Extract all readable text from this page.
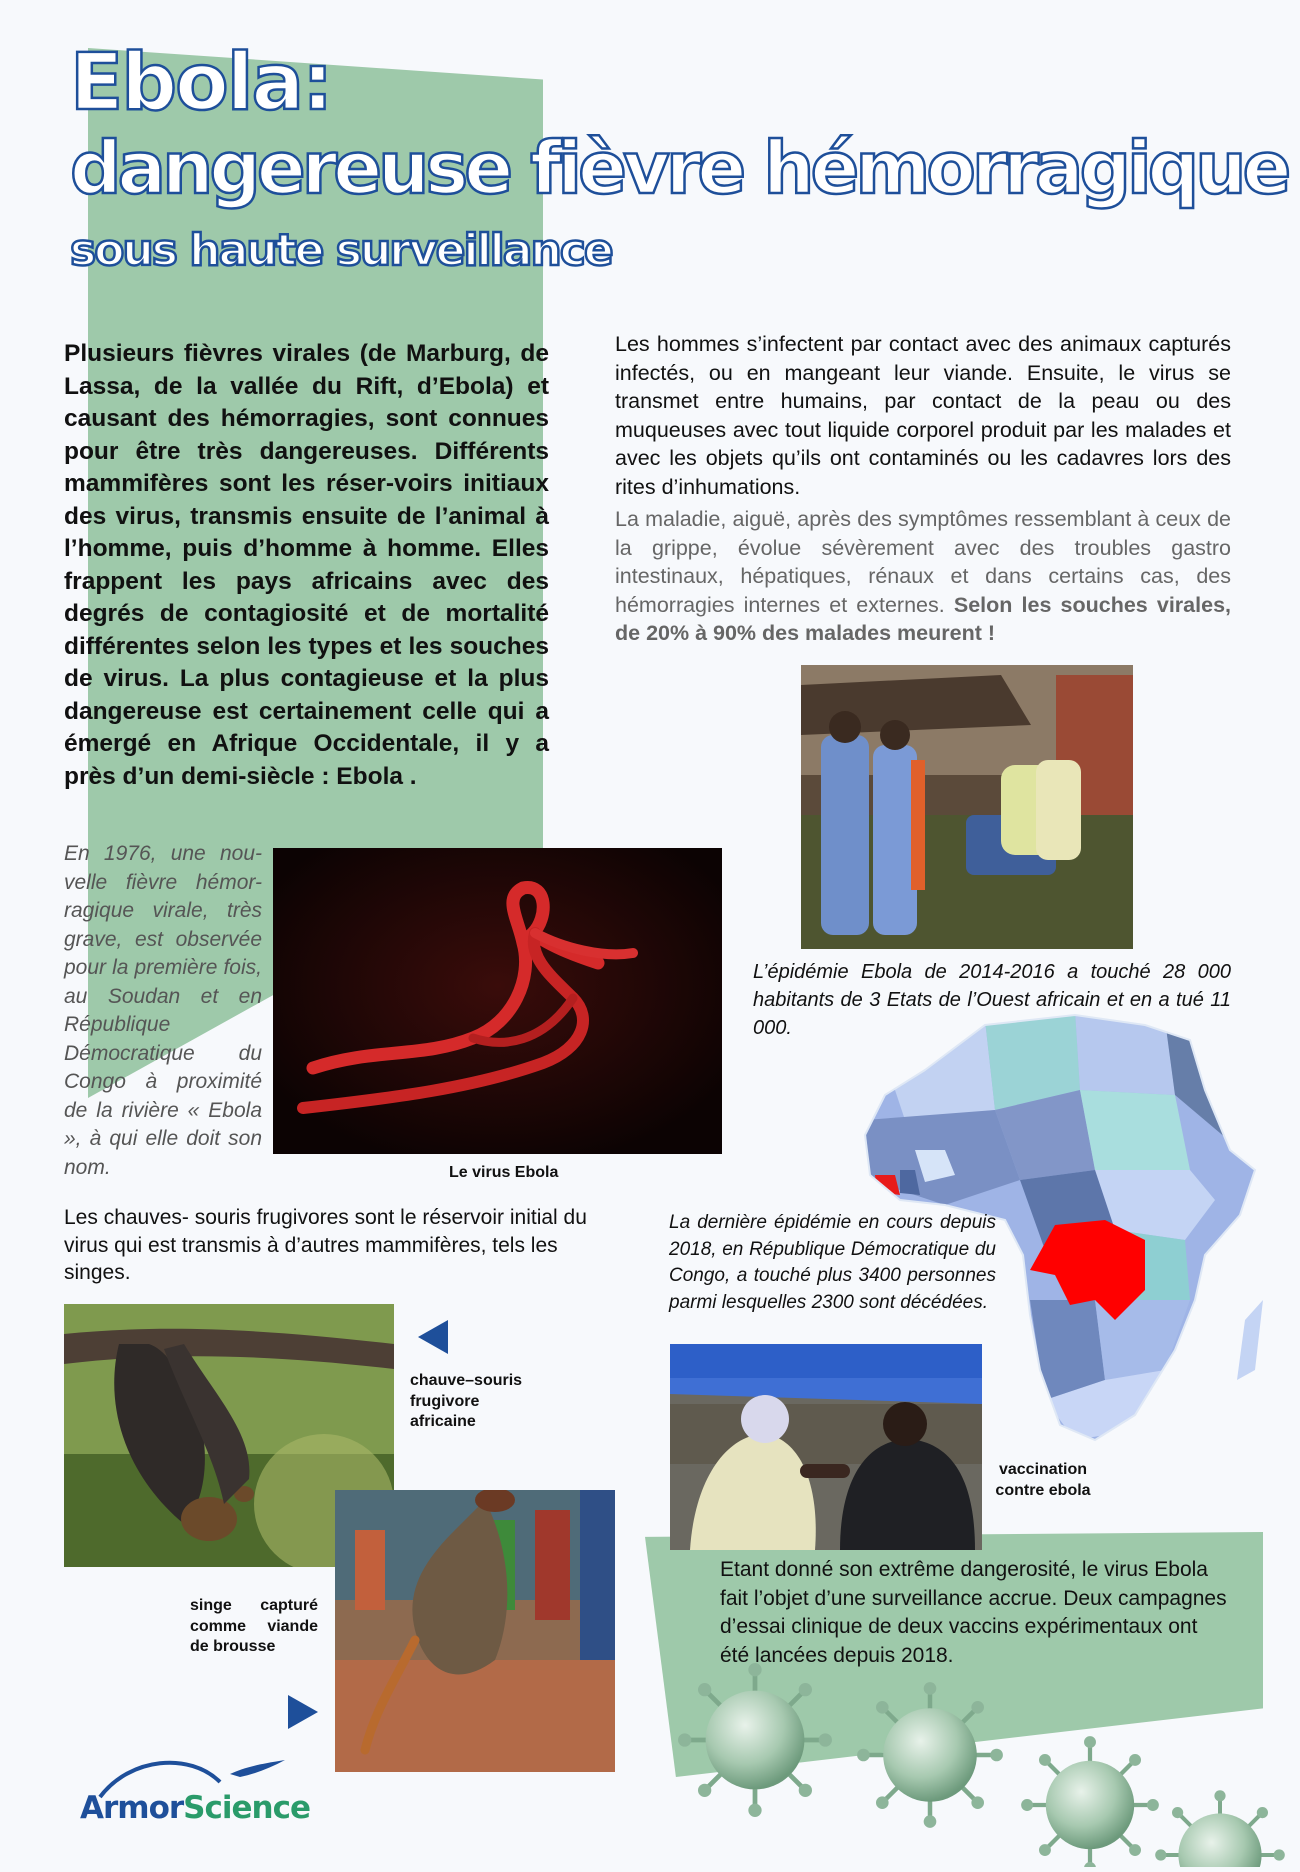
Ebola:
dangereuse fièvre hémorragique
sous haute surveillance
Plusieurs fièvres virales (de Marburg, de Lassa, de la vallée du Rift, d’Ebola) et causant des hémorragies, sont connues pour être très dangereuses. Différents mammifères sont les réser-voirs initiaux des virus, transmis ensuite de l’animal à l’homme, puis d’homme à homme. Elles frappent les pays africains avec des degrés de contagiosité et de mortalité différentes selon les types et les souches de virus. La plus contagieuse et la plus dangereuse est certainement celle qui a émergé en Afrique Occidentale, il y a près d’un demi-siècle : Ebola .
Les hommes s’infectent par contact avec des animaux capturés infectés, ou en mangeant leur viande. Ensuite, le virus se transmet entre humains, par contact de la peau ou des muqueuses avec tout liquide corporel produit par les malades et avec les objets qu’ils ont contaminés ou les cadavres lors des rites d’inhumations.
La maladie, aiguë, après des symptômes ressemblant à ceux de la grippe, évolue sévèrement avec des troubles gastro intestinaux, hépatiques, rénaux et dans certains cas, des hémorragies internes et externes. Selon les souches virales, de 20% à 90% des malades meurent !
L’épidémie Ebola de 2014-2016 a touché 28 000 habitants de 3 Etats de l’Ouest africain et en a tué 11 000.
En 1976, une nou-velle fièvre hémor-ragique virale, très grave, est observée pour la première fois, au Soudan et en République Démocratique du Congo à proximité de la rivière « Ebola », à qui elle doit son nom.	Le virus Ebola
Les chauves- souris frugivores sont le réservoir initial du virus qui est transmis à d’autres mammifères, tels les singes.
La dernière épidémie en cours depuis 2018, en République Démocratique du Congo, a touché plus 3400 personnes parmi lesquelles 2300 sont décédées.
chauve–souris frugivore africaine
singe capturé comme viande de brousse
vaccination contre ebola
Etant donné son extrême dangerosité, le virus Ebola fait l’objet d’une surveillance accrue. Deux campagnes d’essai clinique de deux vaccins expérimentaux ont été lancées depuis 2018.
ArmorScience
